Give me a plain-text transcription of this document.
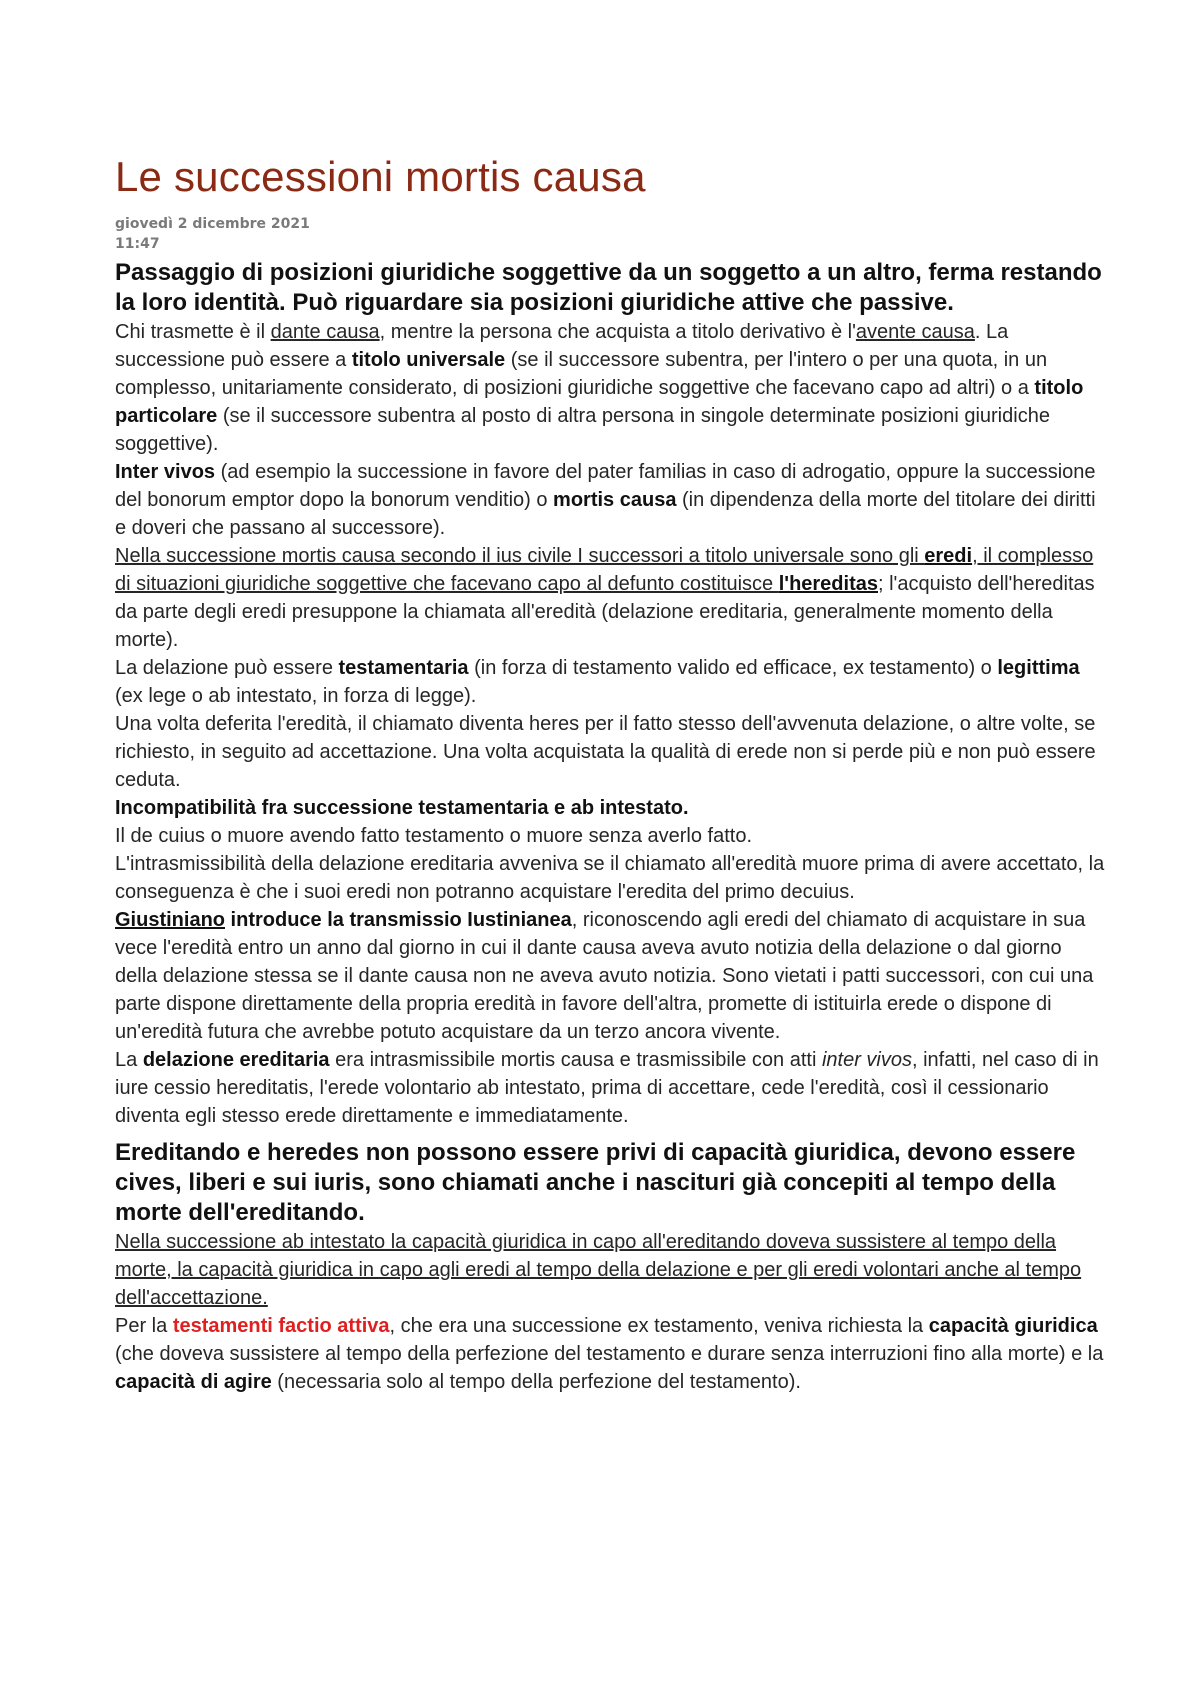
Le successioni mortis causa
giovedì 2 dicembre 2021
11:47

Passaggio di posizioni giuridiche soggettive da un soggetto a un altro, ferma restando la loro identità. Può riguardare sia posizioni giuridiche attive che passive.

Chi trasmette è il dante causa, mentre la persona che acquista a titolo derivativo è l'avente causa. La successione può essere a titolo universale (se il successore subentra, per l'intero o per una quota, in un complesso, unitariamente considerato, di posizioni giuridiche soggettive che facevano capo ad altri) o a titolo particolare (se il successore subentra al posto di altra persona in singole determinate posizioni giuridiche soggettive).

Inter vivos (ad esempio la successione in favore del pater familias in caso di adrogatio, oppure la successione del bonorum emptor dopo la bonorum venditio) o mortis causa (in dipendenza della morte del titolare dei diritti e doveri che passano al successore).

Nella successione mortis causa secondo il ius civile I successori a titolo universale sono gli eredi, il complesso di situazioni giuridiche soggettive che facevano capo al defunto costituisce l'hereditas; l'acquisto dell'hereditas da parte degli eredi presuppone la chiamata all'eredità (delazione ereditaria, generalmente momento della morte).

La delazione può essere testamentaria (in forza di testamento valido ed efficace, ex testamento) o legittima (ex lege o ab intestato, in forza di legge).

Una volta deferita l'eredità, il chiamato diventa heres per il fatto stesso dell'avvenuta delazione, o altre volte, se richiesto, in seguito ad accettazione. Una volta acquistata la qualità di erede non si perde più e non può essere ceduta.

Incompatibilità fra successione testamentaria e ab intestato.

Il de cuius o muore avendo fatto testamento o muore senza averlo fatto.

L'intrasmissibilità della delazione ereditaria avveniva se il chiamato all'eredità muore prima di avere accettato, la conseguenza è che i suoi eredi non potranno acquistare l'eredita del primo decuius.

Giustiniano introduce la transmissio Iustinianea, riconoscendo agli eredi del chiamato di acquistare in sua vece l'eredità entro un anno dal giorno in cui il dante causa aveva avuto notizia della delazione o dal giorno della delazione stessa se il dante causa non ne aveva avuto notizia. Sono vietati i patti successori, con cui una parte dispone direttamente della propria eredità in favore dell'altra, promette di istituirla erede o dispone di un'eredità futura che avrebbe potuto acquistare da un terzo ancora vivente.

La delazione ereditaria era intrasmissibile mortis causa e trasmissibile con atti inter vivos, infatti, nel caso di in iure cessio hereditatis, l'erede volontario ab intestato, prima di accettare, cede l'eredità, così il cessionario diventa egli stesso erede direttamente e immediatamente.

Ereditando e heredes non possono essere privi di capacità giuridica, devono essere cives, liberi e sui iuris, sono chiamati anche i nascituri già concepiti al tempo della morte dell'ereditando.

Nella successione ab intestato la capacità giuridica in capo all'ereditando doveva sussistere al tempo della morte, la capacità giuridica in capo agli eredi al tempo della delazione e per gli eredi volontari anche al tempo dell'accettazione.

Per la testamenti factio attiva, che era una successione ex testamento, veniva richiesta la capacità giuridica (che doveva sussistere al tempo della perfezione del testamento e durare senza interruzioni fino alla morte) e la capacità di agire (necessaria solo al tempo della perfezione del testamento).
